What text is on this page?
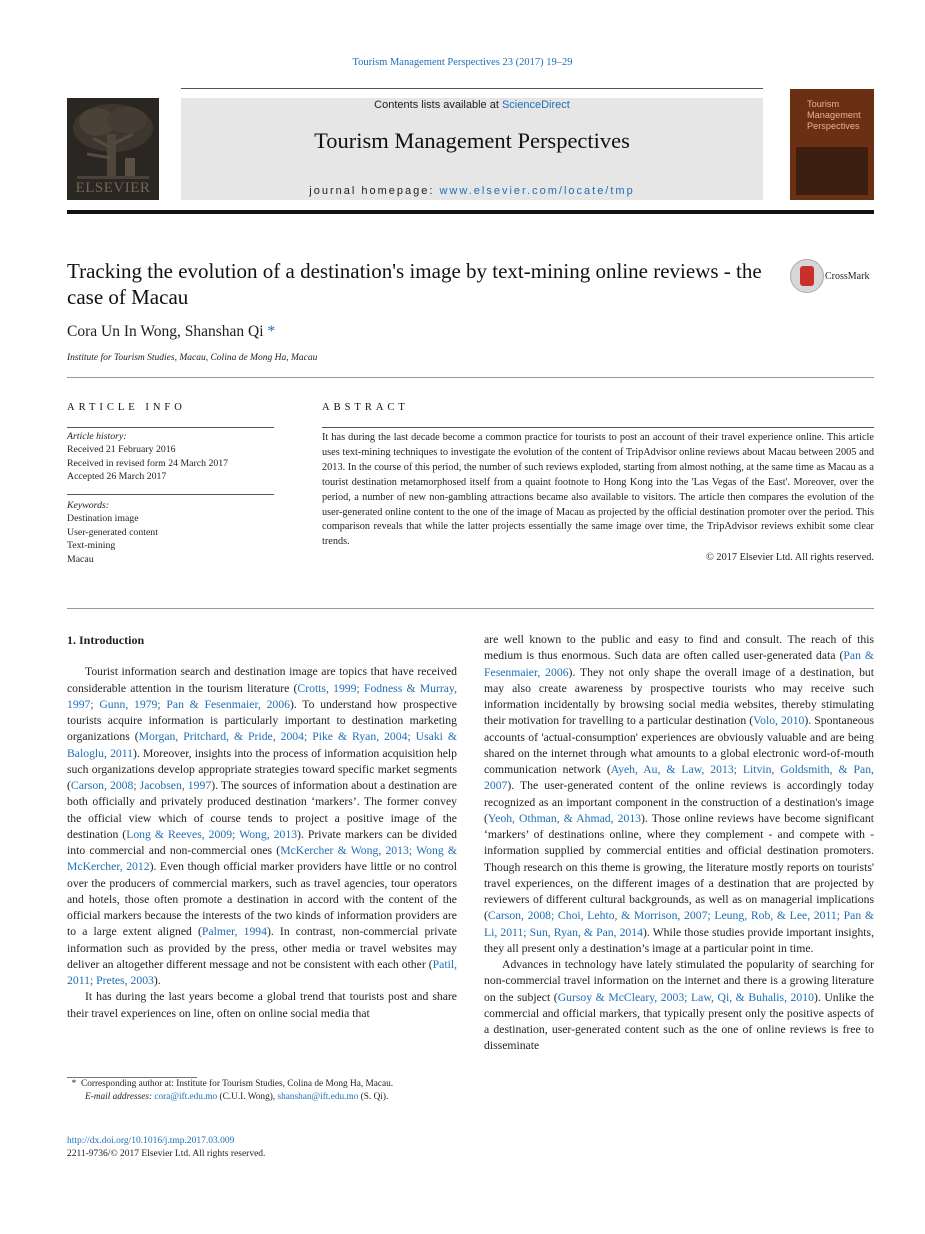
Tourism Management Perspectives 23 (2017) 19–29
ELSEVIER
Contents lists available at ScienceDirect
Tourism Management Perspectives
journal homepage: www.elsevier.com/locate/tmp
Tourism Management Perspectives
Tracking the evolution of a destination's image by text-mining online reviews - the case of Macau
CrossMark
Cora Un In Wong, Shanshan Qi *
Institute for Tourism Studies, Macau, Colina de Mong Ha, Macau
ARTICLE INFO	ABSTRACT
Article history:
Received 21 February 2016
Received in revised form 24 March 2017
Accepted 26 March 2017
Keywords:
Destination image
User-generated content
Text-mining
Macau
It has during the last decade become a common practice for tourists to post an account of their travel experience online. This article uses text-mining techniques to investigate the evolution of the content of TripAdvisor online reviews about Macau between 2005 and 2013. In the course of this period, the number of such reviews exploded, starting from almost nothing, at the same time as Macau as a tourist destination metamorphosed itself from a quaint footnote to Hong Kong into the 'Las Vegas of the East'. Moreover, over the period, a number of new non-gambling attractions became also available to visitors. The article then compares the evolution of the user-generated online content to the one of the image of Macau as projected by the official destination promoter over the period. This comparison reveals that while the latter projects essentially the same image over time, the TripAdvisor reviews exhibit some clear trends.
© 2017 Elsevier Ltd. All rights reserved.
1. Introduction

Tourist information search and destination image are topics that have received considerable attention in the tourism literature (Crotts, 1999; Fodness & Murray, 1997; Gunn, 1979; Pan & Fesenmaier, 2006). To understand how prospective tourists acquire information is particularly important to destination marketing organizations (Morgan, Pritchard, & Pride, 2004; Pike & Ryan, 2004; Usaki & Baloglu, 2011). Moreover, insights into the process of information acquisition help such organizations develop appropriate strategies toward specific market segments (Carson, 2008; Jacobsen, 1997). The sources of information about a destination are both officially and privately produced destination ‘markers’. The former convey the official view which of course tends to project a positive image of the destination (Long & Reeves, 2009; Wong, 2013). Private markers can be divided into commercial and non-commercial ones (McKercher & Wong, 2013; Wong & McKercher, 2012). Even though official marker providers have little or no control over the producers of commercial markers, such as travel agencies, tour operators and hotels, those often promote a destination in accord with the content of the official markers because the interests of the two kinds of information providers are to a large extent aligned (Palmer, 1994). In contrast, non-commercial private information such as provided by the press, other media or travel websites may deliver an altogether different message and not be consistent with each other (Patil, 2011; Pretes, 2003).

It has during the last years become a global trend that tourists post and share their travel experiences on line, often on online social media that

are well known to the public and easy to find and consult. The reach of this medium is thus enormous. Such data are often called user-generated data (Pan & Fesenmaier, 2006). They not only shape the overall image of a destination, but may also create awareness by prospective tourists who may receive such information incidentally by browsing social media websites, thereby stimulating their motivation for travelling to a particular destination (Volo, 2010). Spontaneous accounts of 'actual-consumption' experiences are obviously valuable and are being shared on the internet through what amounts to a global electronic word-of-mouth communication network (Ayeh, Au, & Law, 2013; Litvin, Goldsmith, & Pan, 2007). The user-generated content of the online reviews is accordingly today recognized as an important component in the construction of a destination's image (Yeoh, Othman, & Ahmad, 2013). Those online reviews have become significant ‘markers’ of destinations online, where they complement - and compete with - information supplied by commercial entities and official destination promoters. Though research on this theme is growing, the literature mostly reports on tourists' travel experiences, on the different images of a destination that are projected by reviewers of different cultural backgrounds, as well as on managerial implications (Carson, 2008; Choi, Lehto, & Morrison, 2007; Leung, Rob, & Lee, 2011; Pan & Li, 2011; Sun, Ryan, & Pan, 2014). While those studies provide important insights, they all present only a destination’s image at a particular point in time.

Advances in technology have lately stimulated the popularity of searching for non-commercial travel information on the internet and there is a growing literature on the subject (Gursoy & McCleary, 2003; Law, Qi, & Buhalis, 2010). Unlike the commercial and official markers, that typically present only the positive aspects of a destination, user-generated content such as the one of online reviews is free to disseminate

* Corresponding author at: Institute for Tourism Studies, Colina de Mong Ha, Macau.
E-mail addresses: cora@ift.edu.mo (C.U.I. Wong), shanshan@ift.edu.mo (S. Qi).
http://dx.doi.org/10.1016/j.tmp.2017.03.009
2211-9736/© 2017 Elsevier Ltd. All rights reserved.
